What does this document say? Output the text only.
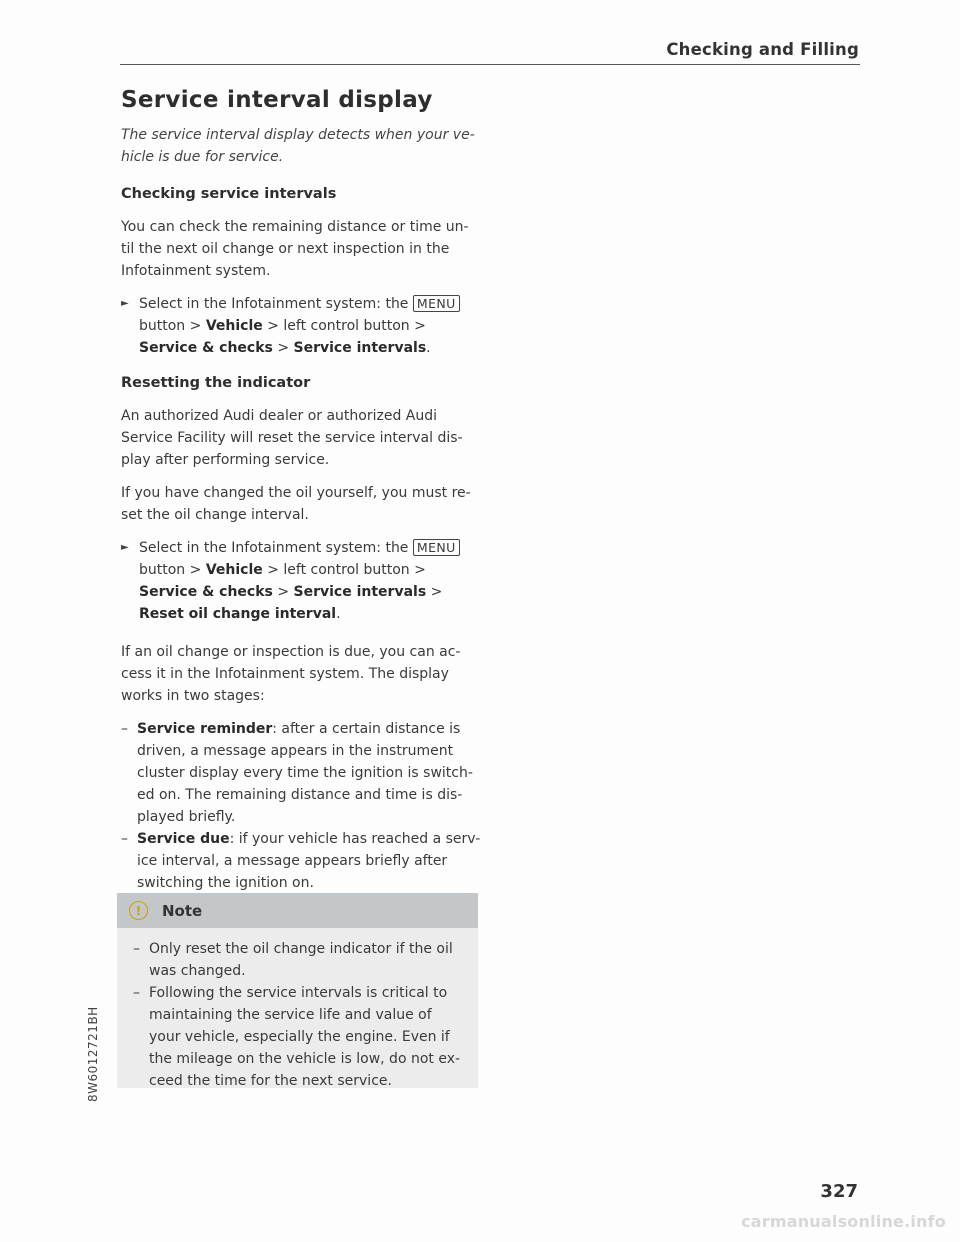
Checking and Filling
Service interval display

The service interval display detects when your ve- hicle is due for service.

Checking service intervals

You can check the remaining distance or time un- til the next oil change or next inspection in the Infotainment system.

► Select in the Infotainment system: the MENU button > Vehicle > left control button > Service & checks > Service intervals.

Resetting the indicator

An authorized Audi dealer or authorized Audi Service Facility will reset the service interval dis- play after performing service.

If you have changed the oil yourself, you must re- set the oil change interval.

► Select in the Infotainment system: the MENU button > Vehicle > left control button > Service & checks > Service intervals > Reset oil change interval.

If an oil change or inspection is due, you can ac- cess it in the Infotainment system. The display works in two stages:

– Service reminder: after a certain distance is driven, a message appears in the instrument cluster display every time the ignition is switch- ed on. The remaining distance and time is dis- played briefly.
– Service due: if your vehicle has reached a serv- ice interval, a message appears briefly after switching the ignition on.
!	Note
– Only reset the oil change indicator if the oil was changed.
– Following the service intervals is critical to maintaining the service life and value of your vehicle, especially the engine. Even if the mileage on the vehicle is low, do not ex- ceed the time for the next service.
8W6012721BH
327
carmanualsonline.info
